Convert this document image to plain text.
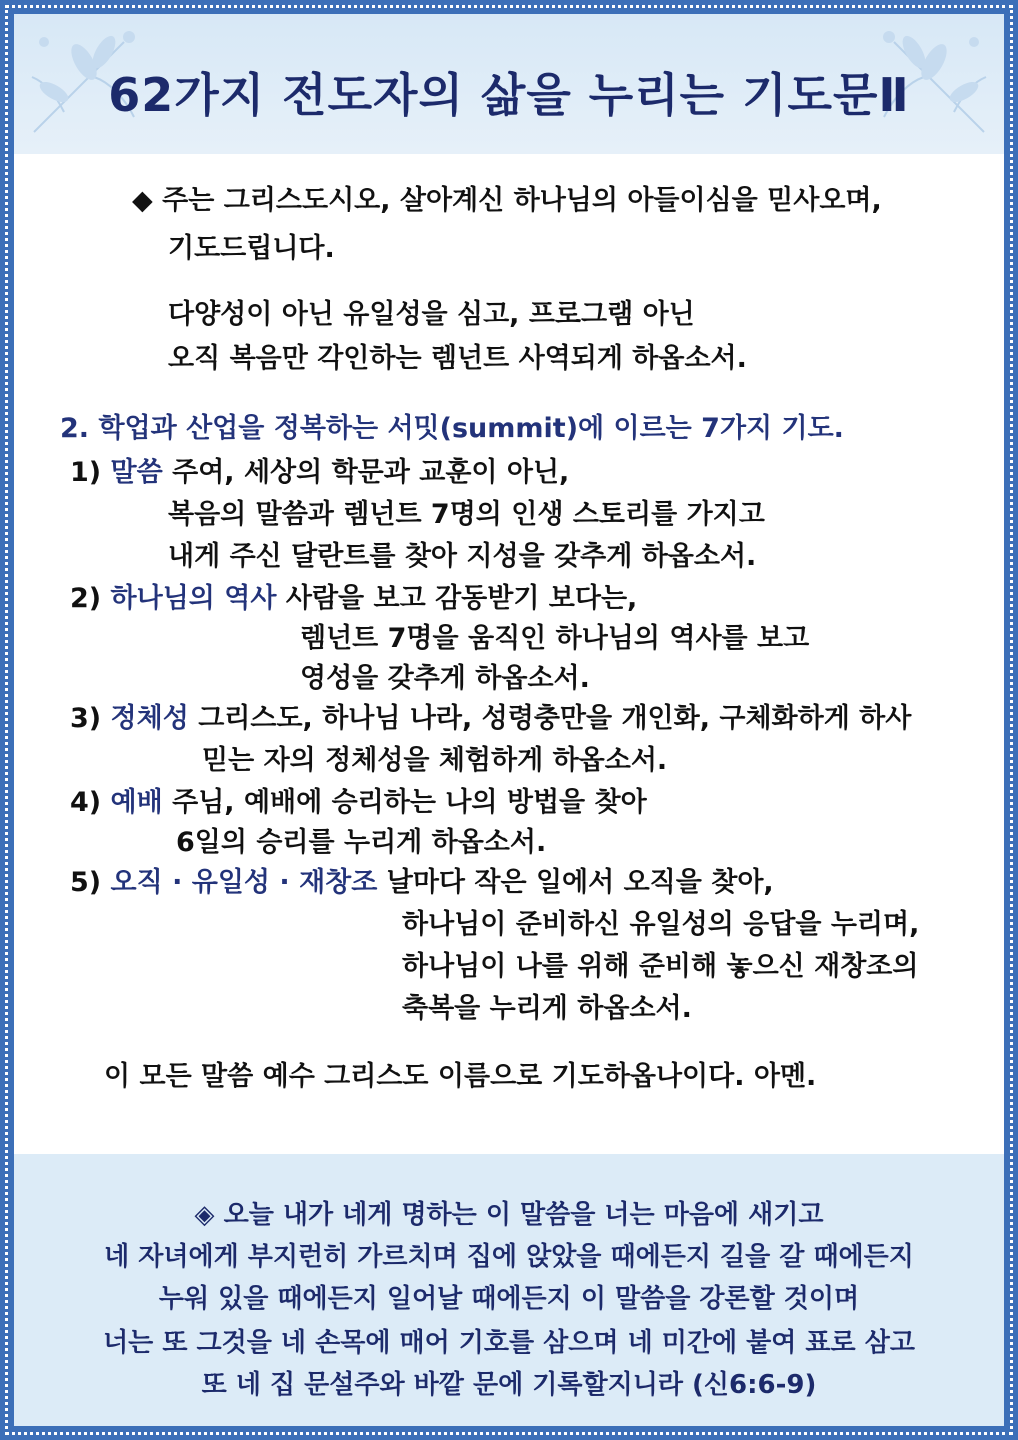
62가지 전도자의 삶을 누리는 기도문Ⅱ
◆ 주는 그리스도시오, 살아계신 하나님의 아들이심을 믿사오며,
기도드립니다.
다양성이 아닌 유일성을 심고, 프로그램 아닌
오직 복음만 각인하는 렘넌트 사역되게 하옵소서.
2. 학업과 산업을 정복하는 서밋(summit)에 이르는 7가지 기도.
1) 말씀 주여, 세상의 학문과 교훈이 아닌,
복음의 말씀과 렘넌트 7명의 인생 스토리를 가지고
내게 주신 달란트를 찾아 지성을 갖추게 하옵소서.
2) 하나님의 역사 사람을 보고 감동받기 보다는,
렘넌트 7명을 움직인 하나님의 역사를 보고
영성을 갖추게 하옵소서.
3) 정체성 그리스도, 하나님 나라, 성령충만을 개인화, 구체화하게 하사
믿는 자의 정체성을 체험하게 하옵소서.
4) 예배 주님, 예배에 승리하는 나의 방법을 찾아
6일의 승리를 누리게 하옵소서.
5) 오직 · 유일성 · 재창조 날마다 작은 일에서 오직을 찾아,
하나님이 준비하신 유일성의 응답을 누리며,
하나님이 나를 위해 준비해 놓으신 재창조의
축복을 누리게 하옵소서.
이 모든 말씀 예수 그리스도 이름으로 기도하옵나이다. 아멘.
◈ 오늘 내가 네게 명하는 이 말씀을 너는 마음에 새기고
네 자녀에게 부지런히 가르치며 집에 앉았을 때에든지 길을 갈 때에든지
누워 있을 때에든지 일어날 때에든지 이 말씀을 강론할 것이며
너는 또 그것을 네 손목에 매어 기호를 삼으며 네 미간에 붙여 표로 삼고
또 네 집 문설주와 바깥 문에 기록할지니라 (신6:6-9)
